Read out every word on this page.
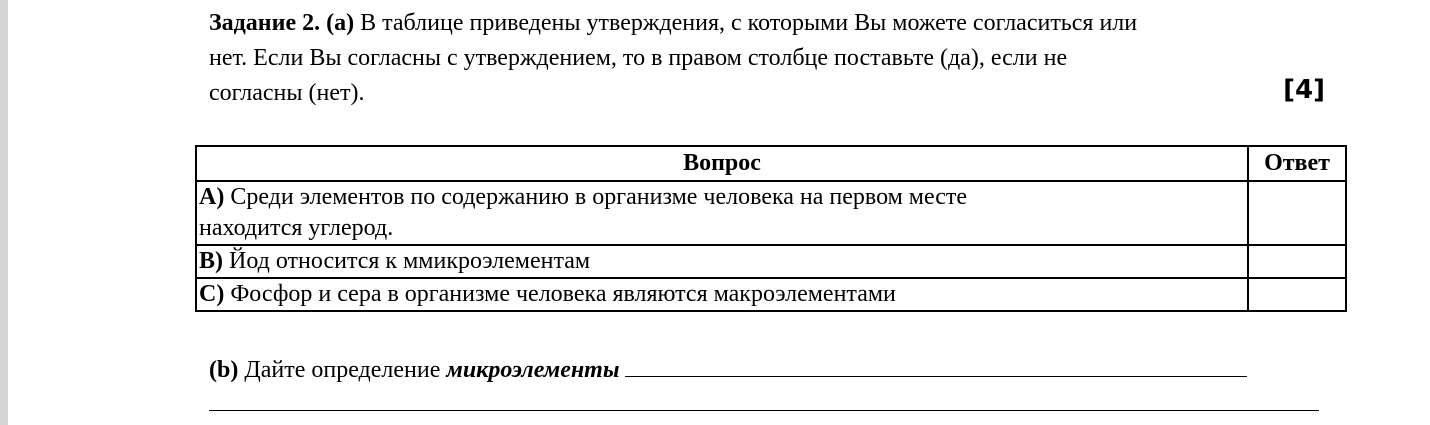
Задание 2. (a) В таблице приведены утверждения, с которыми Вы можете согласиться или
нет. Если Вы согласны с утверждением, то в правом столбце поставьте (да), если не
согласны (нет).	[4]
Вопрос	Ответ
А) Среди элементов по содержанию в организме человека на первом месте
находится углерод.	
В) Йод относится к ммикроэлементам	
С) Фосфор и сера в организме человека являются макроэлементами	
(b) Дайте определение микроэлементы
